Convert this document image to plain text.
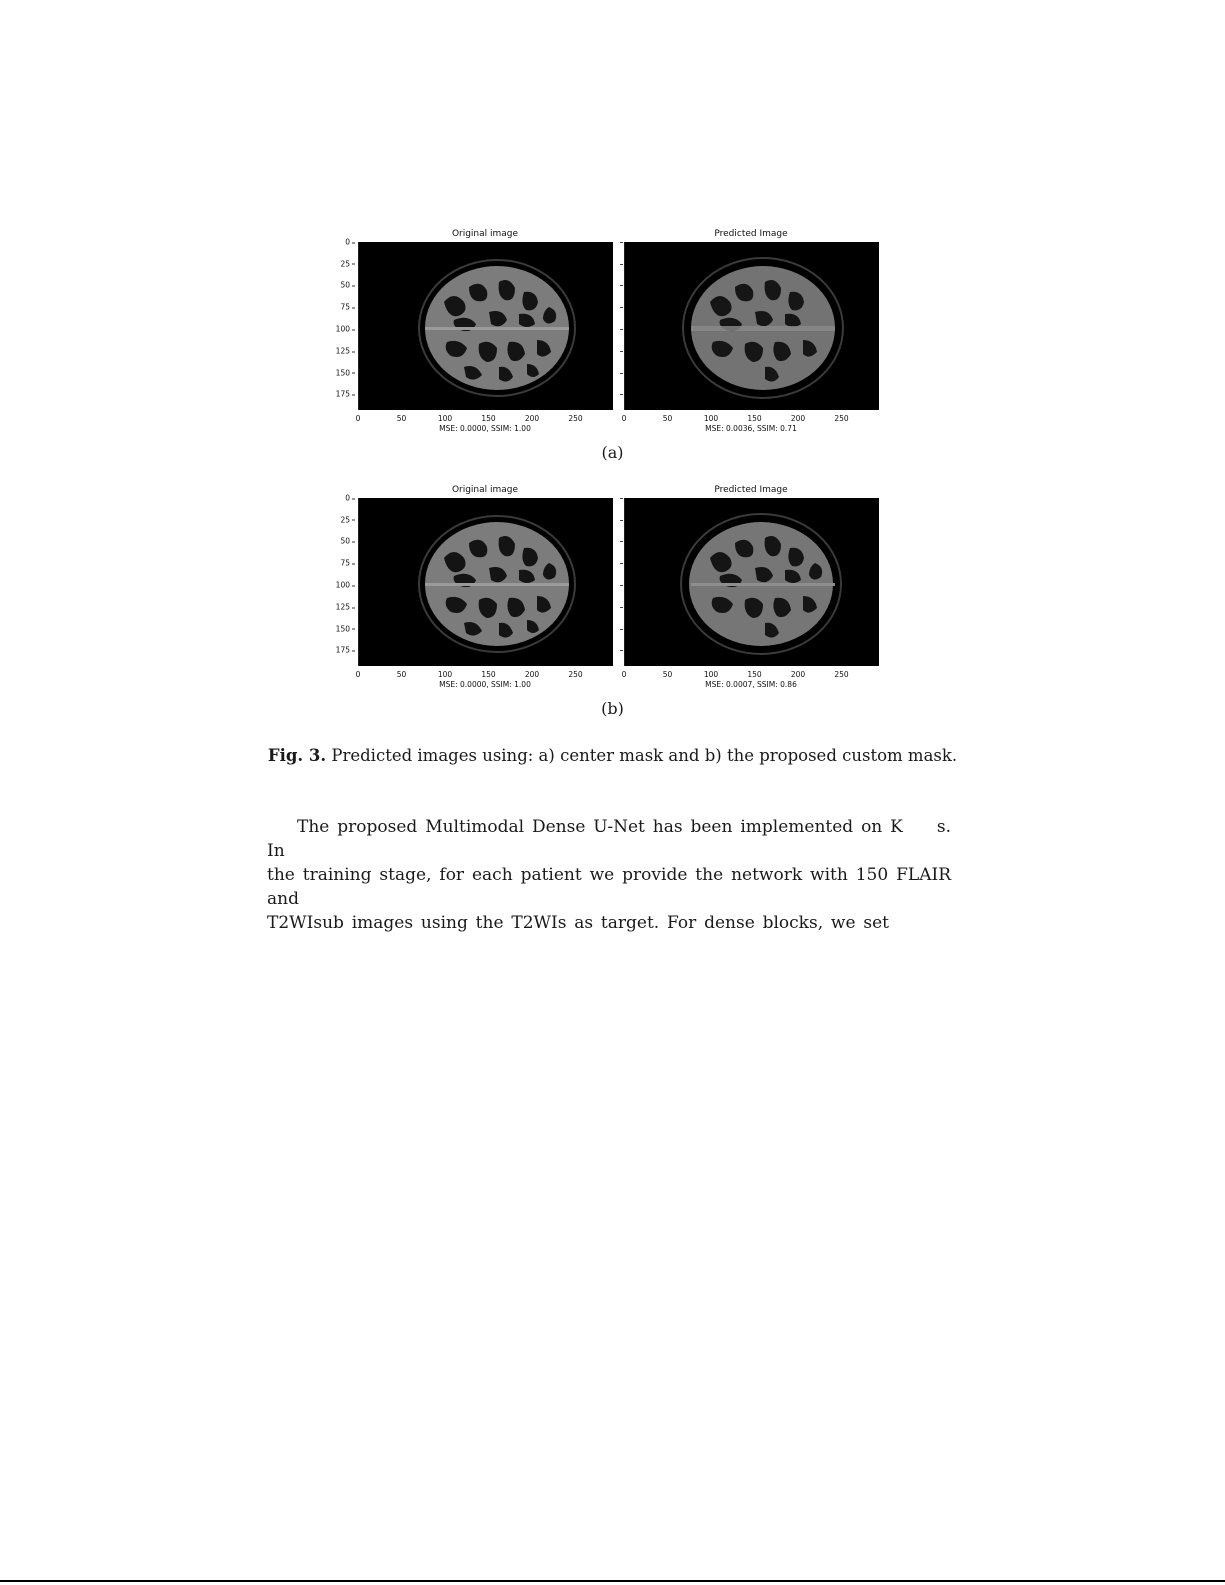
Original image
0
25
50
75
100
125
150
175
0	50	100	150	200	250
MSE: 0.0000, SSIM: 1.00
Predicted Image
0	50	100	150	200	250
MSE: 0.0036, SSIM: 0.71
(a)
Original image
0
25
50
75
100
125
150
175
0	50	100	150	200	250
MSE: 0.0000, SSIM: 1.00
Predicted Image
0	50	100	150	200	250
MSE: 0.0007, SSIM: 0.86
(b)
Fig. 3. Predicted images using: a) center mask and b) the proposed custom mask.
The proposed Multimodal Dense U-Net has been implemented on K  s. In
the training stage, for each patient we provide the network with 150 FLAIR and
T2WIsub images using the T2WIs as target. For dense blocks, we set
